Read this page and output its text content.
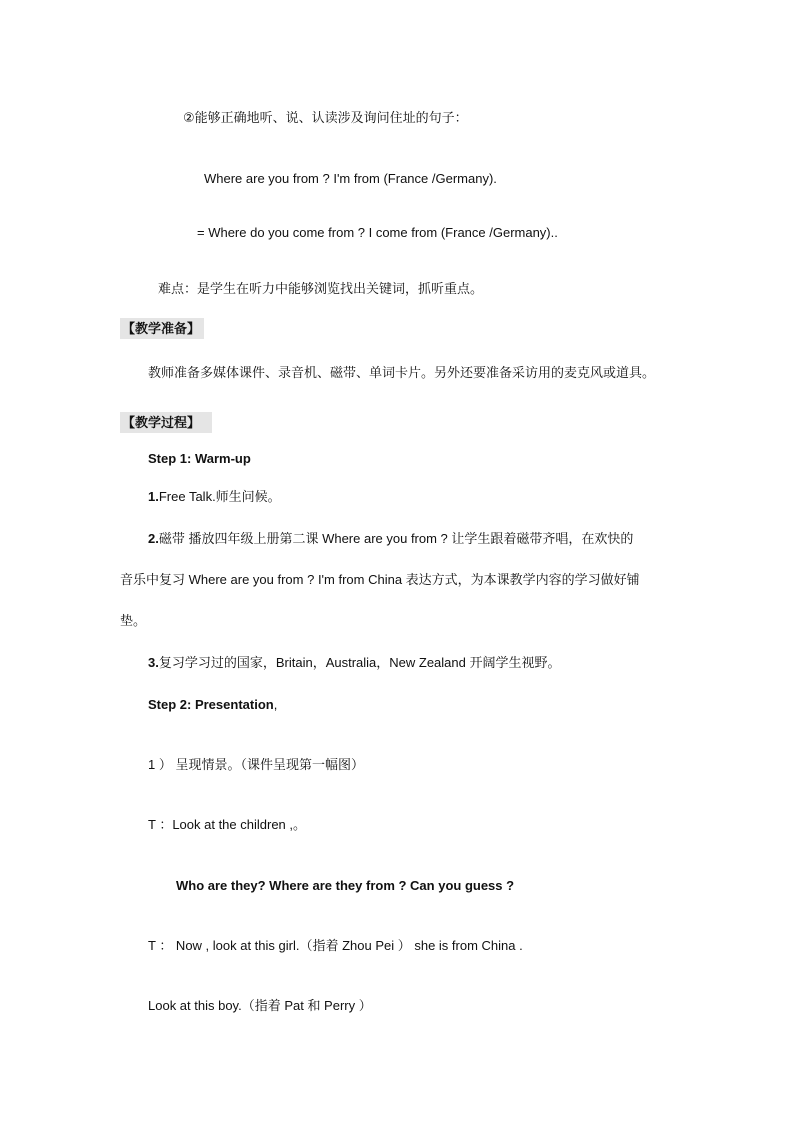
②能够正确地听、说、认读涉及询问住址的句子：
Where are you from ? I'm from (France /Germany).
= Where do you come from ? I come from (France /Germany)..
难点：是学生在听力中能够浏览找出关键词，抓听重点。
【教学准备】
教师准备多媒体课件、录音机、磁带、单词卡片。另外还要准备采访用的麦克风或道具。
【教学过程】
Step 1: Warm-up
1.Free Talk.师生问候。
2.磁带 播放四年级上册第二课 Where are you from ? 让学生跟着磁带齐唱，在欢快的
音乐中复习 Where are you from ? I'm from China 表达方式，为本课教学内容的学习做好铺
垫。
3.复习学习过的国家，Britain，Australia，New Zealand 开阔学生视野。
Step 2: Presentation,
1 ） 呈现情景。（课件呈现第一幅图）
T ：Look at the children ,。
Who are they? Where are they from ? Can you guess ?
T ： Now , look at this girl.（指着 Zhou Pei ） she is from China .
Look at this boy.（指着 Pat 和 Perry ）
